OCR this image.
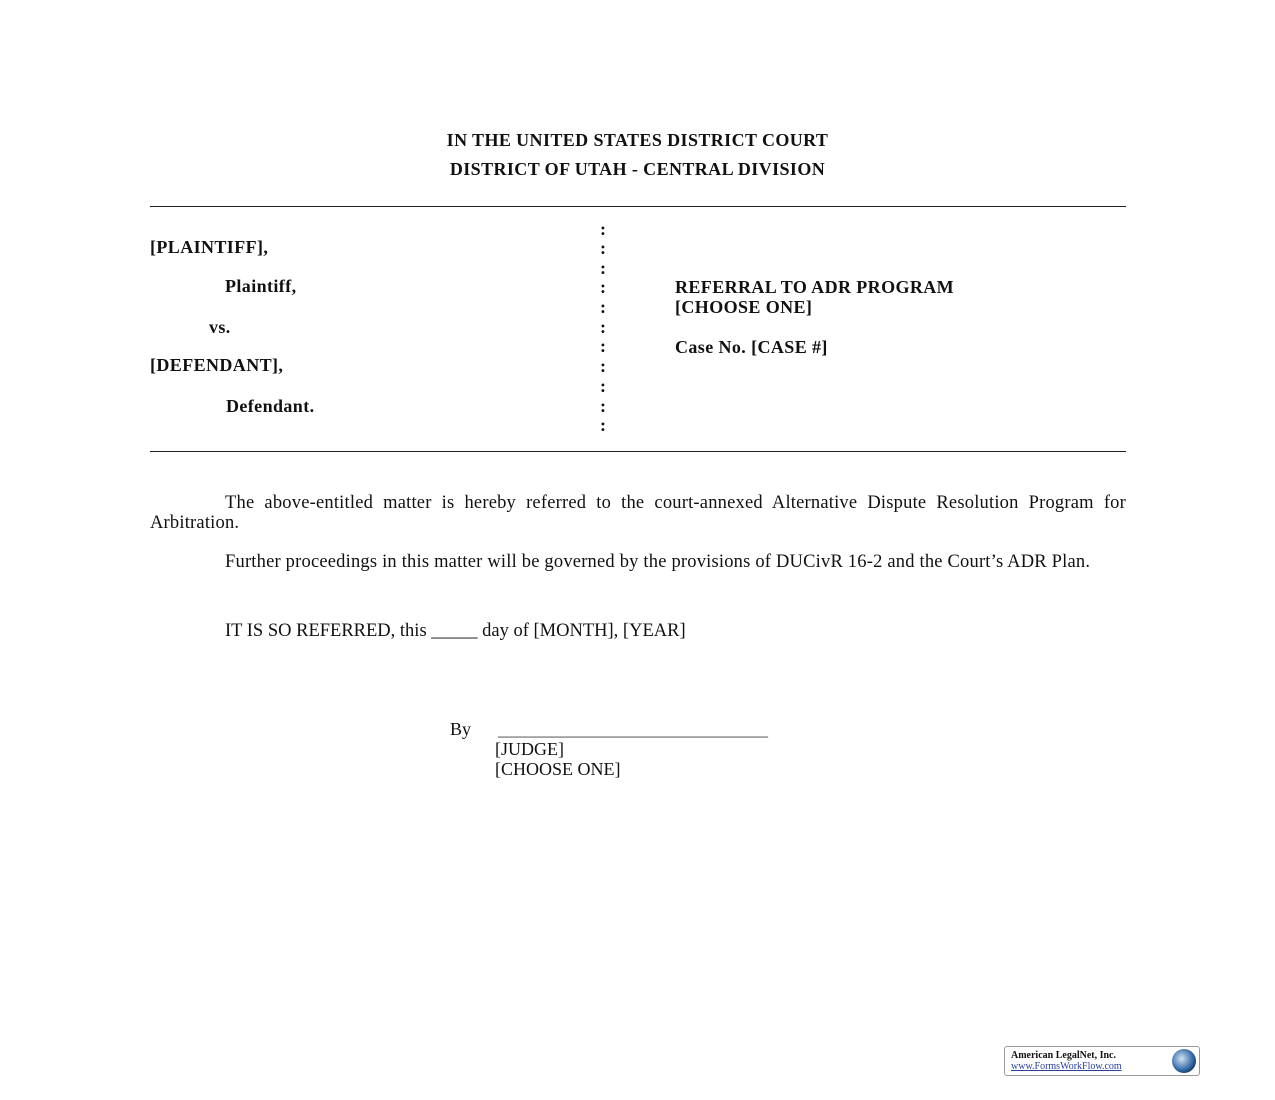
IN THE UNITED STATES DISTRICT COURT
DISTRICT OF UTAH - CENTRAL DIVISION
[PLAINTIFF],
Plaintiff,
vs.
[DEFENDANT],
Defendant.
:
:
:
:
:
:
:
:
:
:
:
REFERRAL TO ADR PROGRAM
[CHOOSE ONE]
Case No. [CASE #]
The above-entitled matter is hereby referred to the court-annexed Alternative Dispute Resolution Program for Arbitration.
Further proceedings in this matter will be governed by the provisions of DUCivR 16-2 and the Court’s ADR Plan.
IT IS SO REFERRED, this _____ day of [MONTH], [YEAR]
By ______________________________
[JUDGE]
[CHOOSE ONE]
American LegalNet, Inc.
www.FormsWorkFlow.com
